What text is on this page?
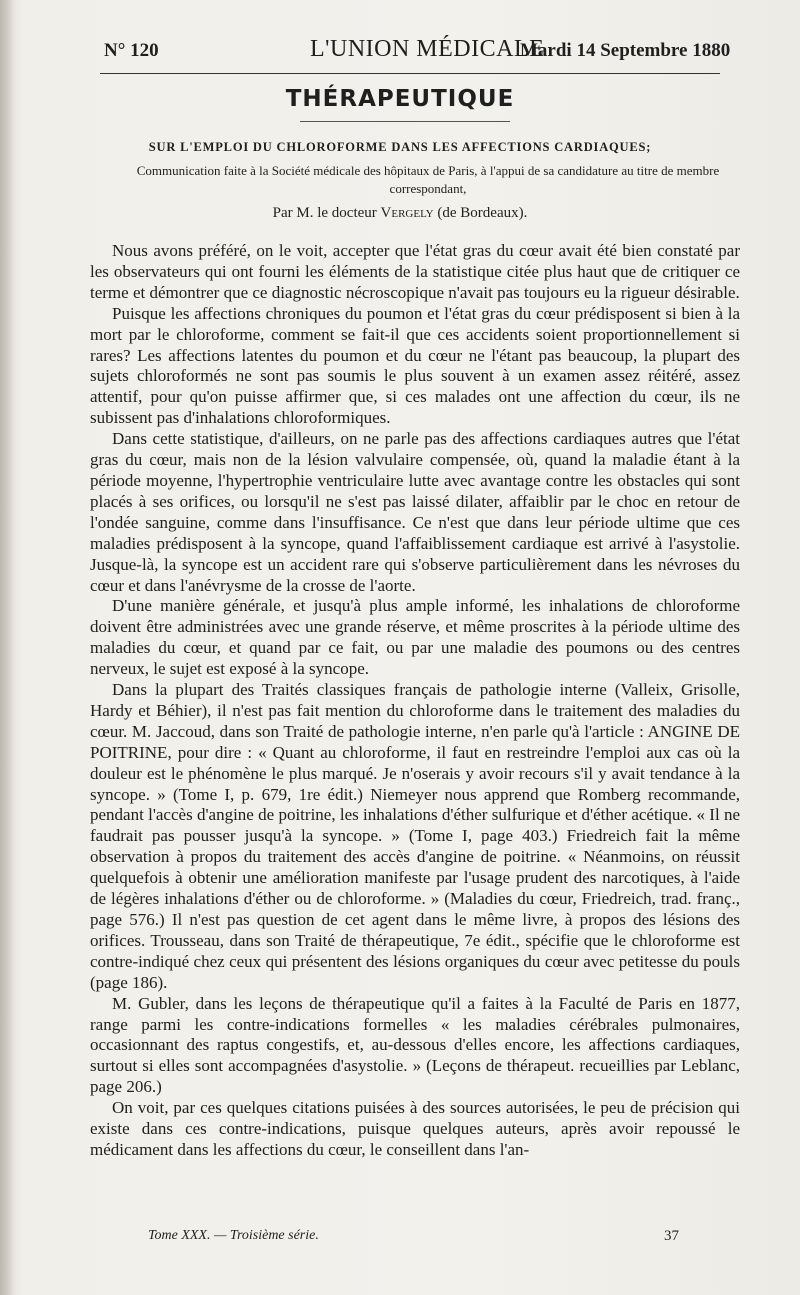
N° 120	L'UNION MÉDICALE
Mardi 14 Septembre 1880
THÉRAPEUTIQUE
SUR L'EMPLOI DU CHLOROFORME DANS LES AFFECTIONS CARDIAQUES;
Communication faite à la Société médicale des hôpitaux de Paris, à l'appui de sa candidature au titre de membre correspondant,
Par M. le docteur Vergely (de Bordeaux).

Nous avons préféré, on le voit, accepter que l'état gras du cœur avait été bien constaté par les observateurs qui ont fourni les éléments de la statistique citée plus haut que de critiquer ce terme et démontrer que ce diagnostic nécroscopique n'avait pas toujours eu la rigueur désirable.

Puisque les affections chroniques du poumon et l'état gras du cœur prédisposent si bien à la mort par le chloroforme, comment se fait-il que ces accidents soient proportionnellement si rares? Les affections latentes du poumon et du cœur ne l'étant pas beaucoup, la plupart des sujets chloroformés ne sont pas soumis le plus souvent à un examen assez réitéré, assez attentif, pour qu'on puisse affirmer que, si ces malades ont une affection du cœur, ils ne subissent pas d'inhalations chloroformiques.

Dans cette statistique, d'ailleurs, on ne parle pas des affections cardiaques autres que l'état gras du cœur, mais non de la lésion valvulaire compensée, où, quand la maladie étant à la période moyenne, l'hypertrophie ventriculaire lutte avec avantage contre les obstacles qui sont placés à ses orifices, ou lorsqu'il ne s'est pas laissé dilater, affaiblir par le choc en retour de l'ondée sanguine, comme dans l'insuffisance. Ce n'est que dans leur période ultime que ces maladies prédisposent à la syncope, quand l'affaiblissement cardiaque est arrivé à l'asystolie. Jusque-là, la syncope est un accident rare qui s'observe particulièrement dans les névroses du cœur et dans l'anévrysme de la crosse de l'aorte.

D'une manière générale, et jusqu'à plus ample informé, les inhalations de chloroforme doivent être administrées avec une grande réserve, et même proscrites à la période ultime des maladies du cœur, et quand par ce fait, ou par une maladie des poumons ou des centres nerveux, le sujet est exposé à la syncope.

Dans la plupart des Traités classiques français de pathologie interne (Valleix, Grisolle, Hardy et Béhier), il n'est pas fait mention du chloroforme dans le traitement des maladies du cœur. M. Jaccoud, dans son Traité de pathologie interne, n'en parle qu'à l'article : ANGINE DE POITRINE, pour dire : « Quant au chloroforme, il faut en restreindre l'emploi aux cas où la douleur est le phénomène le plus marqué. Je n'oserais y avoir recours s'il y avait tendance à la syncope. » (Tome I, p. 679, 1re édit.) Niemeyer nous apprend que Romberg recommande, pendant l'accès d'angine de poitrine, les inhalations d'éther sulfurique et d'éther acétique. « Il ne faudrait pas pousser jusqu'à la syncope. » (Tome I, page 403.) Friedreich fait la même observation à propos du traitement des accès d'angine de poitrine. « Néanmoins, on réussit quelquefois à obtenir une amélioration manifeste par l'usage prudent des narcotiques, à l'aide de légères inhalations d'éther ou de chloroforme. » (Maladies du cœur, Friedreich, trad. franç., page 576.) Il n'est pas question de cet agent dans le même livre, à propos des lésions des orifices. Trousseau, dans son Traité de thérapeutique, 7e édit., spécifie que le chloroforme est contre-indiqué chez ceux qui présentent des lésions organiques du cœur avec petitesse du pouls (page 186).

M. Gubler, dans les leçons de thérapeutique qu'il a faites à la Faculté de Paris en 1877, range parmi les contre-indications formelles « les maladies cérébrales pulmonaires, occasionnant des raptus congestifs, et, au-dessous d'elles encore, les affections cardiaques, surtout si elles sont accompagnées d'asystolie. » (Leçons de thérapeut. recueillies par Leblanc, page 206.)

On voit, par ces quelques citations puisées à des sources autorisées, le peu de précision qui existe dans ces contre-indications, puisque quelques auteurs, après avoir repoussé le médicament dans les affections du cœur, le conseillent dans l'an-

Tome XXX. — Troisième série.	37
